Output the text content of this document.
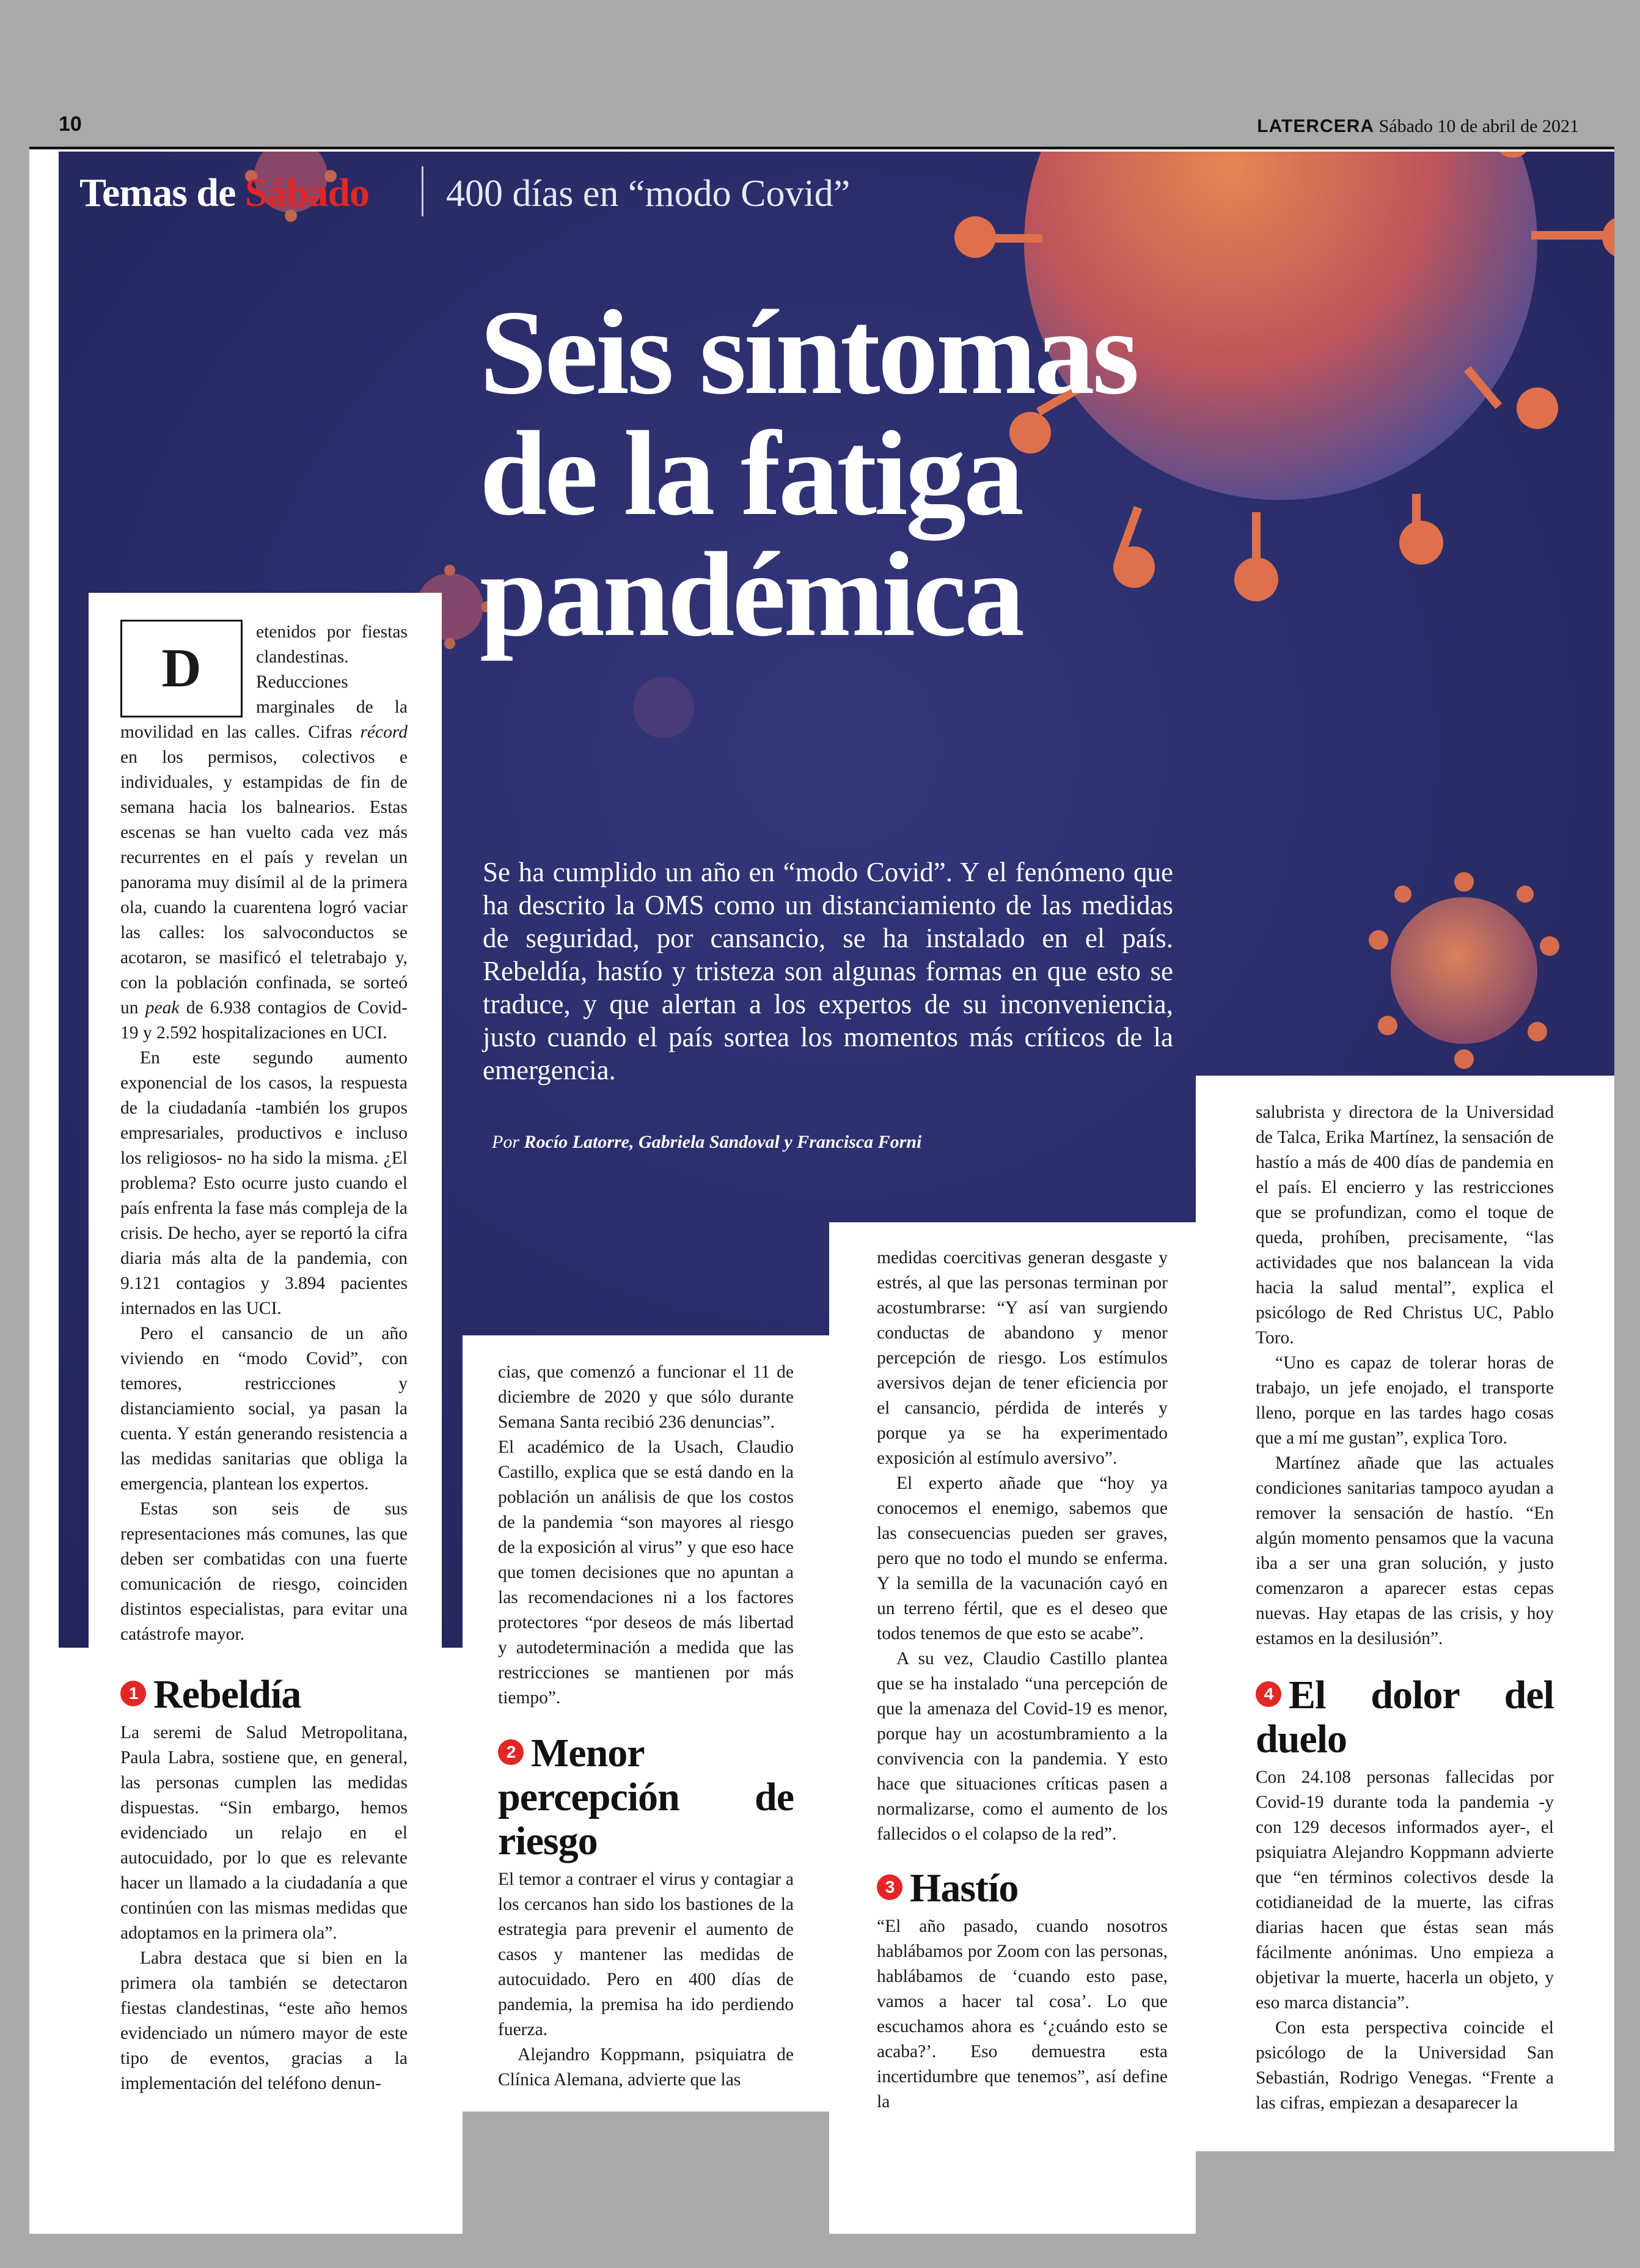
10	LATERCERA Sábado 10 de abril de 2021
Temas de Sábado 400 días en “modo Covid”
Seis síntomas de la fatiga pandémica
Se ha cumplido un año en “modo Covid”. Y el fenómeno que ha descrito la OMS como un distanciamiento de las medidas de seguridad, por cansancio, se ha instalado en el país. Rebeldía, hastío y tristeza son algunas formas en que esto se traduce, y que alertan a los expertos de su inconveniencia, justo cuando el país sortea los momentos más críticos de la emergencia.
Por Rocío Latorre, Gabriela Sandoval y Francisca Forni
D

etenidos por fiestas clandestinas. Reducciones marginales de la movilidad en las calles. Cifras récord en los permisos, colectivos e individuales, y estampidas de fin de semana hacia los balnearios. Estas escenas se han vuelto cada vez más recurrentes en el país y revelan un panorama muy disímil al de la primera ola, cuando la cuarentena logró vaciar las calles: los salvoconductos se acotaron, se masificó el teletrabajo y, con la población confinada, se sorteó un peak de 6.938 contagios de Covid-19 y 2.592 hospitalizaciones en UCI.

En este segundo aumento exponencial de los casos, la respuesta de la ciudadanía -también los grupos empresariales, productivos e incluso los religiosos- no ha sido la misma. ¿El problema? Esto ocurre justo cuando el país enfrenta la fase más compleja de la crisis. De hecho, ayer se reportó la cifra diaria más alta de la pandemia, con 9.121 contagios y 3.894 pacientes internados en las UCI.

Pero el cansancio de un año viviendo en “modo Covid”, con temores, restricciones y distanciamiento social, ya pasan la cuenta. Y están generando resistencia a las medidas sanitarias que obliga la emergencia, plantean los expertos.

Estas son seis de sus representaciones más comunes, las que deben ser combatidas con una fuerte comunicación de riesgo, coinciden distintos especialistas, para evitar una catástrofe mayor.

1 Rebeldía

La seremi de Salud Metropolitana, Paula Labra, sostiene que, en general, las personas cumplen las medidas dispuestas. “Sin embargo, hemos evidenciado un relajo en el autocuidado, por lo que es relevante hacer un llamado a la ciudadanía a que continúen con las mismas medidas que adoptamos en la primera ola”.

Labra destaca que si bien en la primera ola también se detectaron fiestas clandestinas, “este año hemos evidenciado un número mayor de este tipo de eventos, gracias a la implementación del teléfono denun-

cias, que comenzó a funcionar el 11 de diciembre de 2020 y que sólo durante Semana Santa recibió 236 denuncias”.

El académico de la Usach, Claudio Castillo, explica que se está dando en la población un análisis de que los costos de la pandemia “son mayores al riesgo de la exposición al virus” y que eso hace que tomen decisiones que no apuntan a las recomendaciones ni a los factores protectores “por deseos de más libertad y autodeterminación a medida que las restricciones se mantienen por más tiempo”.

2 Menor percepción de riesgo

El temor a contraer el virus y contagiar a los cercanos han sido los bastiones de la estrategia para prevenir el aumento de casos y mantener las medidas de autocuidado. Pero en 400 días de pandemia, la premisa ha ido perdiendo fuerza.

Alejandro Koppmann, psiquiatra de Clínica Alemana, advierte que las

medidas coercitivas generan desgaste y estrés, al que las personas terminan por acostumbrarse: “Y así van surgiendo conductas de abandono y menor percepción de riesgo. Los estímulos aversivos dejan de tener eficiencia por el cansancio, pérdida de interés y porque ya se ha experimentado exposición al estímulo aversivo”.

El experto añade que “hoy ya conocemos el enemigo, sabemos que las consecuencias pueden ser graves, pero que no todo el mundo se enferma. Y la semilla de la vacunación cayó en un terreno fértil, que es el deseo que todos tenemos de que esto se acabe”.

A su vez, Claudio Castillo plantea que se ha instalado “una percepción de que la amenaza del Covid-19 es menor, porque hay un acostumbramiento a la convivencia con la pandemia. Y esto hace que situaciones críticas pasen a normalizarse, como el aumento de los fallecidos o el colapso de la red”.

3 Hastío

“El año pasado, cuando nosotros hablábamos por Zoom con las personas, hablábamos de ‘cuando esto pase, vamos a hacer tal cosa’. Lo que escuchamos ahora es ‘¿cuándo esto se acaba?’. Eso demuestra esta incertidumbre que tenemos”, así define la

salubrista y directora de la Universidad de Talca, Erika Martínez, la sensación de hastío a más de 400 días de pandemia en el país. El encierro y las restricciones que se profundizan, como el toque de queda, prohíben, precisamente, “las actividades que nos balancean la vida hacia la salud mental”, explica el psicólogo de Red Christus UC, Pablo Toro.

“Uno es capaz de tolerar horas de trabajo, un jefe enojado, el transporte lleno, porque en las tardes hago cosas que a mí me gustan”, explica Toro.

Martínez añade que las actuales condiciones sanitarias tampoco ayudan a remover la sensación de hastío. “En algún momento pensamos que la vacuna iba a ser una gran solución, y justo comenzaron a aparecer estas cepas nuevas. Hay etapas de las crisis, y hoy estamos en la desilusión”.

4 El dolor del duelo

Con 24.108 personas fallecidas por Covid-19 durante toda la pandemia -y con 129 decesos informados ayer-, el psiquiatra Alejandro Koppmann advierte que “en términos colectivos desde la cotidianeidad de la muerte, las cifras diarias hacen que éstas sean más fácilmente anónimas. Uno empieza a objetivar la muerte, hacerla un objeto, y eso marca distancia”.

Con esta perspectiva coincide el psicólogo de la Universidad San Sebastián, Rodrigo Venegas. “Frente a las cifras, empiezan a desaparecer la
